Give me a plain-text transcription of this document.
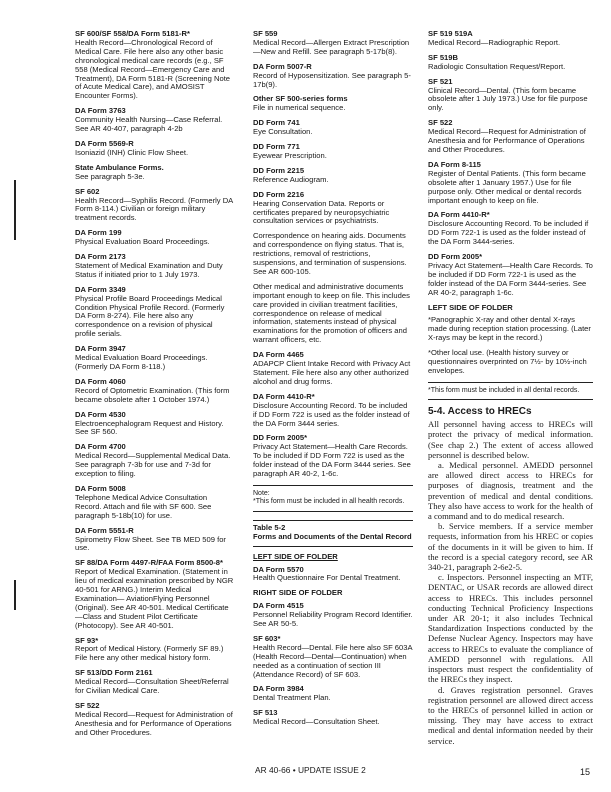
SF 600/SF 558/DA Form 5181-R*
Health Record—Chronological Record of Medical Care. File here also any other basic chronological medical care records (e.g., SF 558 (Medical Record—Emergency Care and Treatment), DA Form 5181-R (Screening Note of Acute Medical Care), and AMOSIST Encounter Forms).
DA Form 3763
Community Health Nursing—Case Referral. See AR 40-407, paragraph 4-2b
DA Form 5569-R
Isoniazid (INH) Clinic Flow Sheet.
State Ambulance Forms.
See paragraph 5-3e.
SF 602
Health Record—Syphilis Record. (Formerly DA Form 8-114.) Civilian or foreign military treatment records.
DA Form 199
Physical Evaluation Board Proceedings.
DA Form 2173
Statement of Medical Examination and Duty Status if initiated prior to 1 July 1973.
DA Form 3349
Physical Profile Board Proceedings Medical Condition Physical Profile Record. (Formerly DA Form 8-274). File here also any correspondence on a revision of physical profile serials.
DA Form 3947
Medical Evaluation Board Proceedings. (Formerly DA Form 8-118.)
DA Form 4060
Record of Optometric Examination. (This form became obsolete after 1 October 1974.)
DA Form 4530
Electroencephalogram Request and History. See SF 560.
DA Form 4700
Medical Record—Supplemental Medical Data. See paragraph 7-3b for use and 7-3d for exception to filing.
DA Form 5008
Telephone Medical Advice Consultation Record. Attach and file with SF 600. See paragraph 5-18b(10) for use.
DA Form 5551-R
Spirometry Flow Sheet. See TB MED 509 for use.
SF 88/DA Form 4497-R/FAA Form 8500-8*
Report of Medical Examination. (Statement in lieu of medical examination prescribed by NGR 40-501 for ARNG.) Interim Medical Examination— AviationFlying Personnel (Original). See AR 40-501. Medical Certificate—Class and Student Pilot Certificate (Photocopy). See AR 40-501.
SF 93*
Report of Medical History. (Formerly SF 89.) File here any other medical history form.
SF 513/DD Form 2161
Medical Record—Consultation Sheet/Referral for Civilian Medical Care.
SF 522
Medical Record—Request for Administration of Anesthesia and for Performance of Operations and Other Procedures.
SF 559
Medical Record—Allergen Extract Prescription—New and Refill. See paragraph 5-17b(8).
DA Form 5007-R
Record of Hyposensitization. See paragraph 5-17b(9).
Other SF 500-series forms
File in numerical sequence.
DD Form 741
Eye Consultation.
DD Form 771
Eyewear Prescription.
DD Form 2215
Reference Audiogram.
DD Form 2216
Hearing Conservation Data. Reports or certificates prepared by neuropsychiatric consultation services or psychiatrists.
Correspondence on hearing aids. Documents and correspondence on flying status. That is, restrictions, removal of restrictions, suspensions, and termination of suspensions. See AR 600-105.
Other medical and administrative documents important enough to keep on file. This includes care provided in civilian treatment facilities, correspondence on release of medical information, statements instead of physical examinations for the promotion of officers and warrant officers, etc.
DA Form 4465
ADAPCP Client Intake Record with Privacy Act Statement. File here also any other authorized alcohol and drug forms.
DA Form 4410-R*
Disclosure Accounting Record. To be included if DD Form 722 is used as the folder instead of the DA Form 3444 series.
DD Form 2005*
Privacy Act Statement—Health Care Records. To be included if DD Form 722 is used as the folder instead of the DA Form 3444 series. See paragraph AR 40-2, 1-6c.
Note:
*This form must be included in all health records.
Table 5-2
Forms and Documents of the Dental Record
LEFT SIDE OF FOLDER
DA Form 5570
Health Questionnaire For Dental Treatment.
RIGHT SIDE OF FOLDER
DA Form 4515
Personnel Reliability Program Record Identifier. See AR 50-5.
SF 603*
Health Record—Dental. File here also SF 603A (Health Record—Dental—Continuation) when needed as a continuation of section III (Attendance Record) of SF 603.
DA Form 3984
Dental Treatment Plan.
SF 513
Medical Record—Consultation Sheet.
SF 519 519A
Medical Record—Radiographic Report.
SF 519B
Radiologic Consultation Request/Report.
SF 521
Clinical Record—Dental. (This form became obsolete after 1 July 1973.) Use for file purpose only.
SF 522
Medical Record—Request for Administration of Anesthesia and for Performance of Operations and Other Procedures.
DA Form 8-115
Register of Dental Patients. (This form became obsolete after 1 January 1957.) Use for file purpose only. Other medical or dental records important enough to keep on file.
DA Form 4410-R*
Disclosure Accounting Record. To be included if DD Form 722-1 is used as the folder instead of the DA Form 3444-series.
DD Form 2005*
Privacy Act Statement—Health Care Records. To be included if DD Form 722-1 is used as the folder instead of the DA Form 3444-series. See AR 40-2, paragraph 1-6c.
LEFT SIDE OF FOLDER
*Panographic X-ray and other dental X-rays made during reception station processing. (Later X-rays may be kept in the record.)
*Other local use. (Health history survey or questionnaires overprinted on 7½- by 10½-inch envelopes.
*This form must be included in all dental records.
5-4. Access to HRECs

All personnel having access to HRECs will protect the privacy of medical information. (See chap 2.) The extent of access allowed personnel is described below.

a. Medical personnel. AMEDD personnel are allowed direct access to HRECs for purposes of diagnosis, treatment and the prevention of medical and dental conditions. They also have access to work for the health of a command and to do medical research.

b. Service members. If a service member requests, information from his HREC or copies of the documents in it will be given to him. If the record is a special category record, see AR 340-21, paragraph 2-6e2-5.

c. Inspectors. Personnel inspecting an MTF, DENTAC, or USAR records are allowed direct access to HRECs. This includes personnel conducting Technical Proficiency Inspections under AR 20-1; it also includes Technical Standardization Inspections conducted by the Defense Nuclear Agency. Inspectors may have access to HRECs to evaluate the compliance of AMEDD personnel with regulations. All inspectors must respect the confidentiality of the HRECs they inspect.

d. Graves registration personnel. Graves registration personnel are allowed direct access to the HRECs of personnel killed in action or missing. They may have access to extract medical and dental information needed by their service.

AR 40-66 • UPDATE ISSUE 2	15
